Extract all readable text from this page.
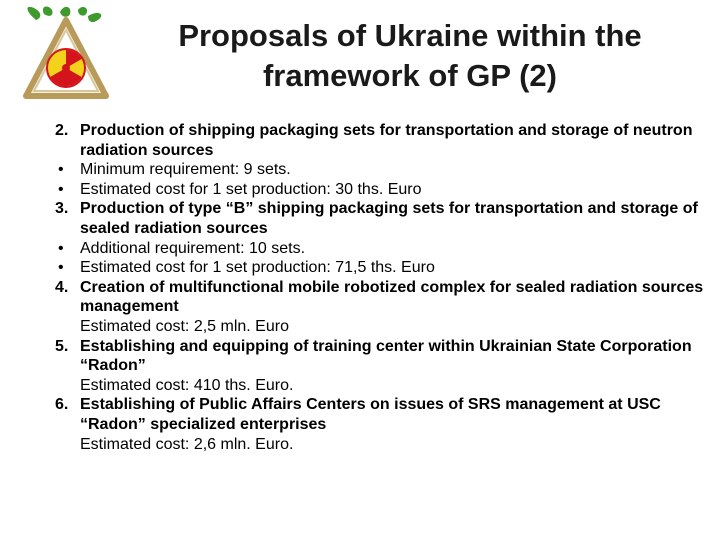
Proposals of Ukraine within the
framework of GP (2)
2. Production of shipping packaging sets for transportation and storage of neutron radiation sources
• Minimum requirement: 9 sets.
• Estimated cost for 1 set production: 30 ths. Euro
3. Production of type “B” shipping packaging sets for transportation and storage of sealed radiation sources
• Additional requirement: 10 sets.
• Estimated cost for 1 set production: 71,5 ths. Euro
4. Creation of multifunctional mobile robotized complex for sealed radiation sources management
Estimated cost: 2,5 mln. Euro
5. Establishing and equipping of training center within Ukrainian State Corporation “Radon”
Estimated cost: 410 ths. Euro.
6. Establishing of Public Affairs Centers on issues of SRS management at USC “Radon” specialized enterprises
Estimated cost: 2,6 mln. Euro.
